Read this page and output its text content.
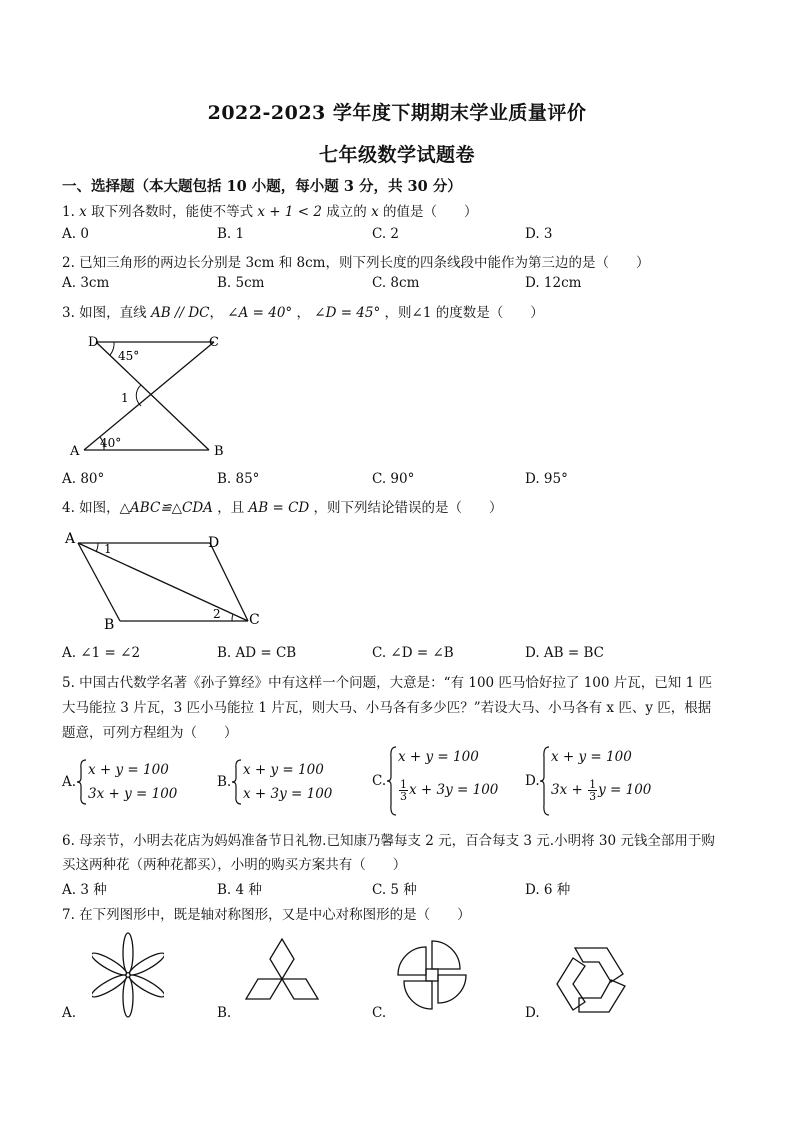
2022-2023 学年度下期期末学业质量评价
七年级数学试题卷
一、选择题（本大题包括 10 小题，每小题 3 分，共 30 分）
1. x 取下列各数时，能使不等式 x + 1 < 2 成立的 x 的值是（　　）
A. 0	B. 1	C. 2	D. 3
2. 已知三角形的两边长分别是 3cm 和 8cm，则下列长度的四条线段中能作为第三边的是（　　）
A. 3cm	B. 5cm	C. 8cm	D. 12cm
3. 如图，直线 AB // DC， ∠A = 40° ， ∠D = 45° ，则∠1 的度数是（　　）
D	C
A	B
45°
40°
1
A. 80°	B. 85°	C. 90°	D. 95°
4. 如图，△ABC≌△CDA ，且 AB = CD ，则下列结论错误的是（　　）
A	D
B	C
1
2
A. ∠1 = ∠2	B. AD = CB	C. ∠D = ∠B	D. AB = BC
5. 中国古代数学名著《孙子算经》中有这样一个问题，大意是：“有 100 匹马恰好拉了 100 片瓦，已知 1 匹
大马能拉 3 片瓦，3 匹小马能拉 1 片瓦，则大马、小马各有多少匹？”若设大马、小马各有 x 匹、y 匹，根据
题意，可列方程组为（　　）
A.
x + y = 100
3x + y = 100
B.
x + y = 100
x + 3y = 100
C.
x + y = 100
$\frac{1}{3}$ x + 3y = 100
D.
x + y = 100
$3x + \frac{1}{3}$ y = 100
6. 母亲节，小明去花店为妈妈准备节日礼物.已知康乃馨每支 2 元，百合每支 3 元.小明将 30 元钱全部用于购
买这两种花（两种花都买），小明的购买方案共有（　　）
A. 3 种	B. 4 种	C. 5 种	D. 6 种
7. 在下列图形中，既是轴对称图形，又是中心对称图形的是（　　）
A.	B.	C.	D.
